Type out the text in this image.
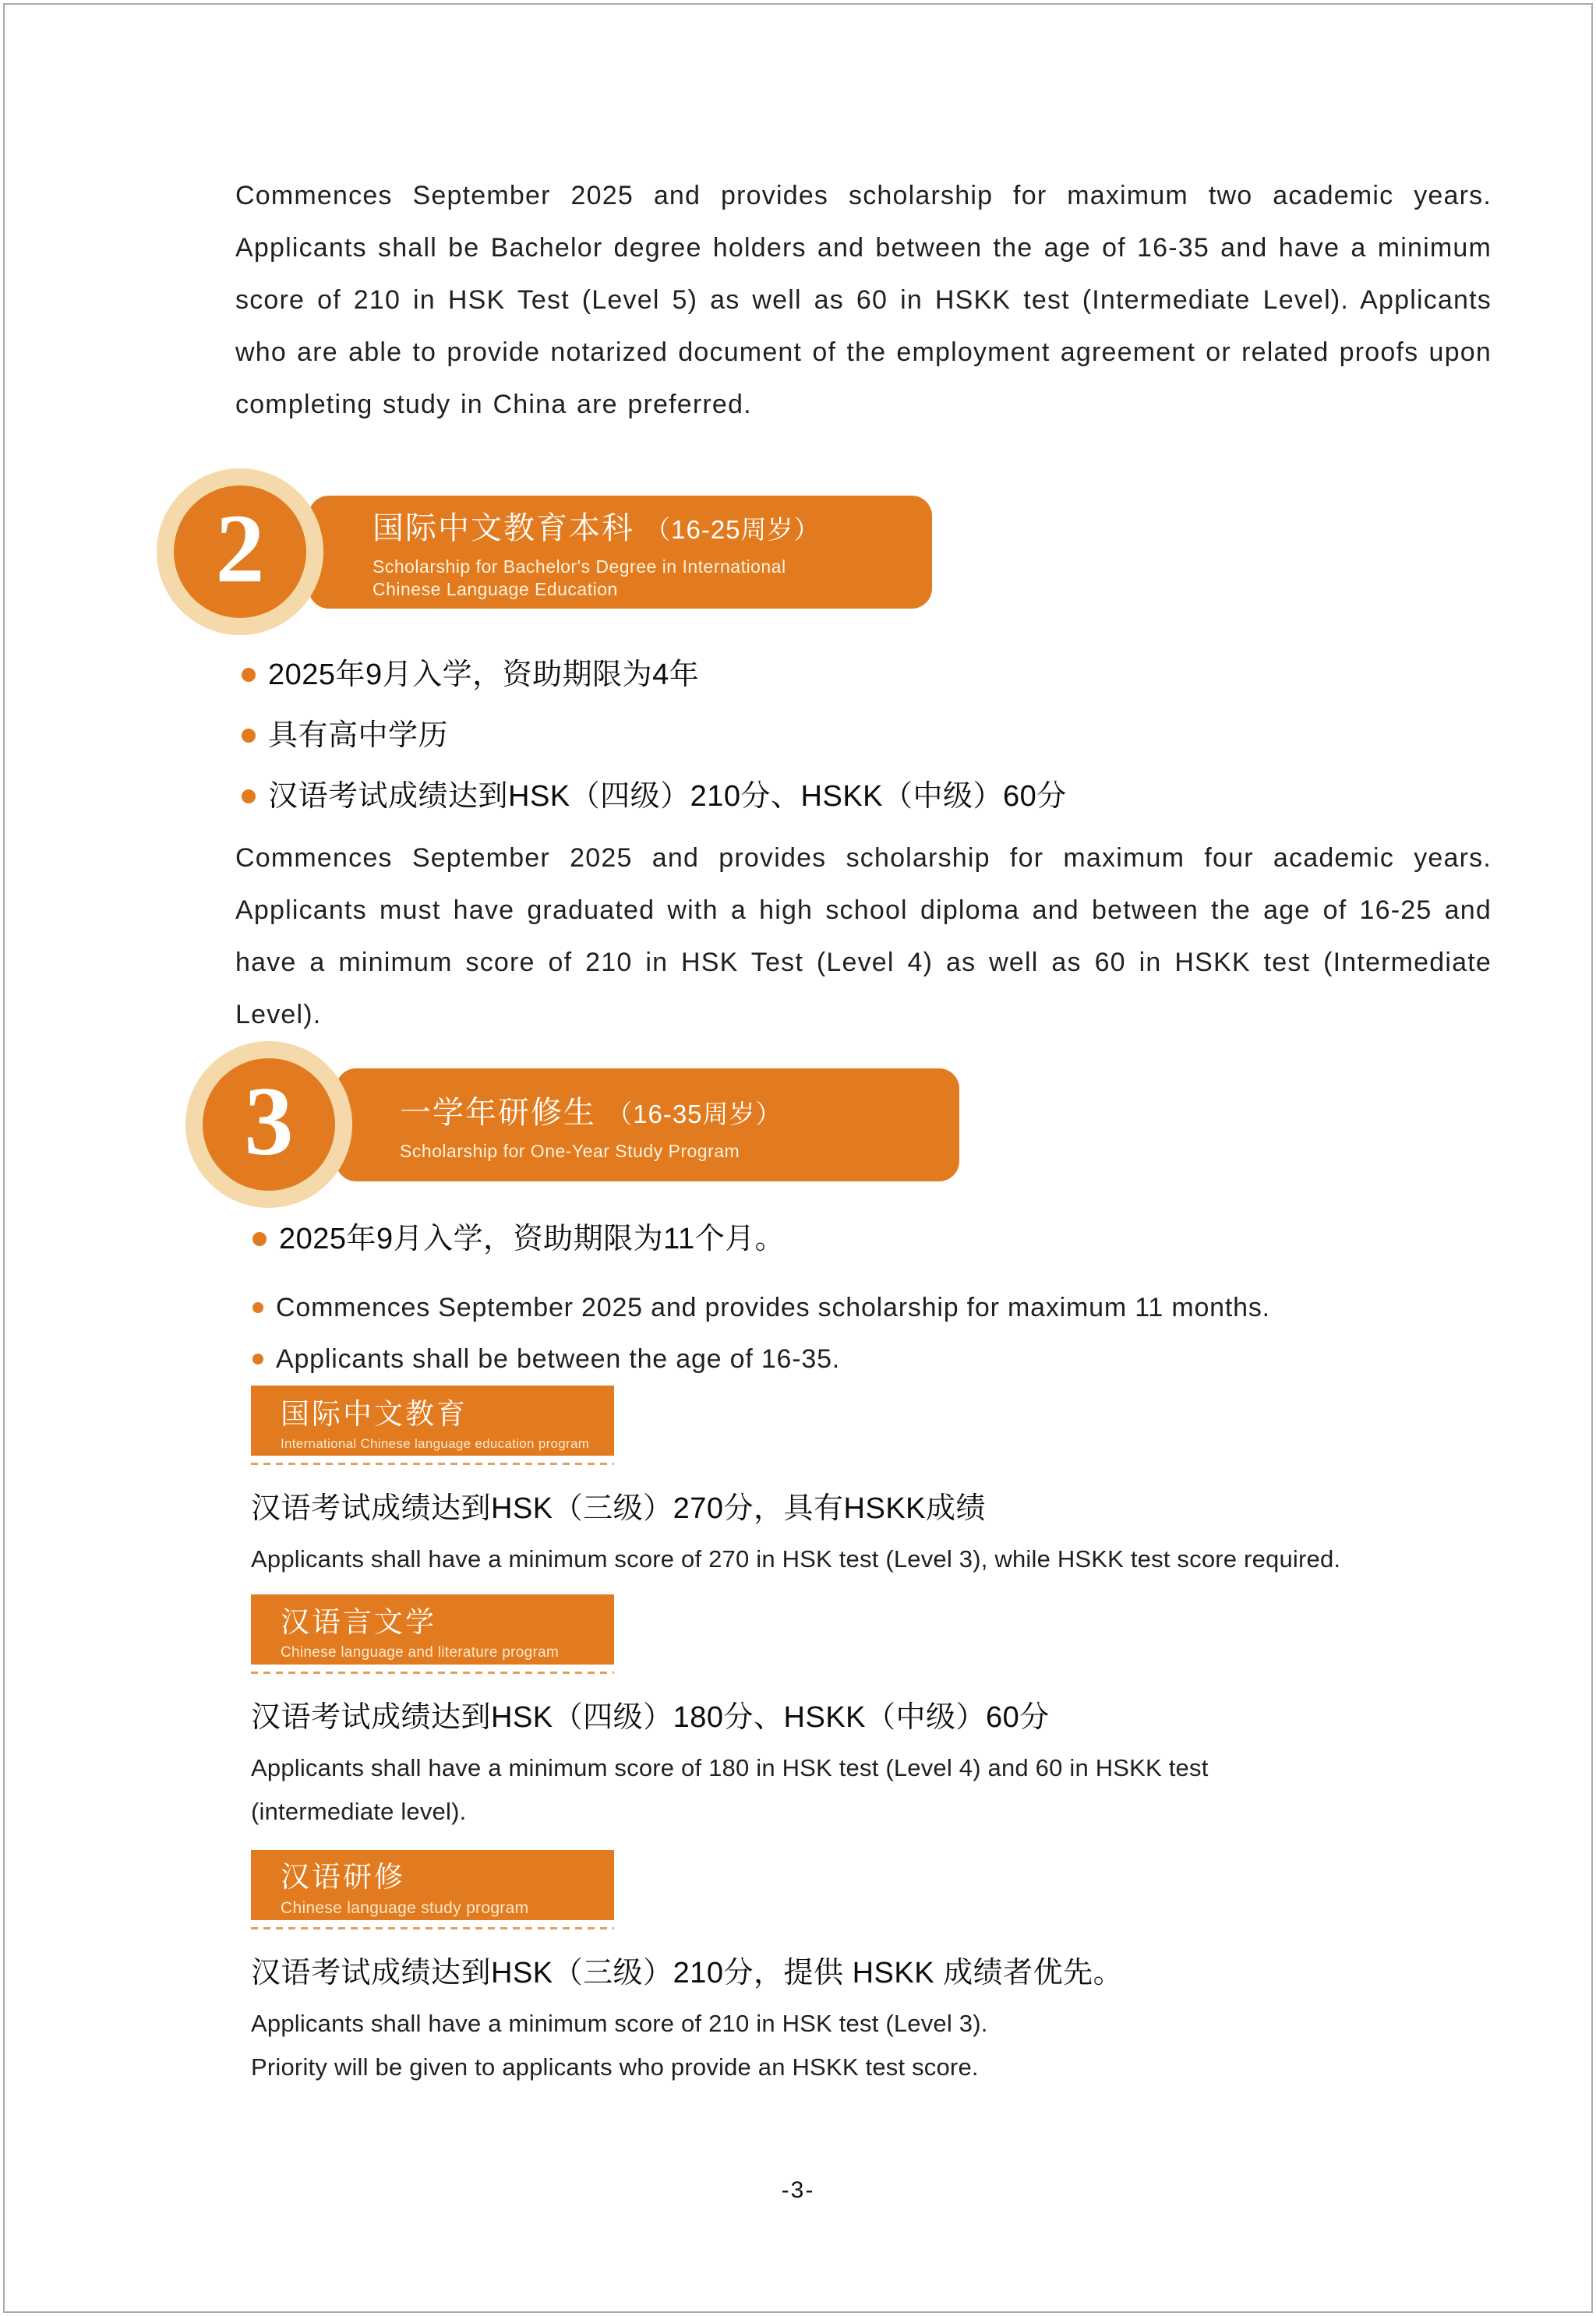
Commences September 2025 and provides scholarship for maximum two academic years. Applicants shall be Bachelor degree holders and between the age of 16-35 and have a minimum score of 210 in HSK Test (Level 5) as well as 60 in HSKK test (Intermediate Level). Applicants who are able to provide notarized document of the employment agreement or related proofs upon completing study in China are preferred.
国际中文教育本科 （16-25周岁）
Scholarship for Bachelor's Degree in International
Chinese Language Education
2
2025年9月入学，资助期限为4年
具有高中学历
汉语考试成绩达到HSK（四级）210分、HSKK（中级）60分
Commences September 2025 and provides scholarship for maximum four academic years. Applicants must have graduated with a high school diploma and between the age of 16-25 and have a minimum score of 210 in HSK Test (Level 4) as well as 60 in HSKK test (Intermediate Level).
一学年研修生 （16-35周岁）
Scholarship for One-Year Study Program
3
2025年9月入学，资助期限为11个月。
Commences September 2025 and provides scholarship for maximum 11 months.
Applicants shall be between the age of 16-35.
国际中文教育
International Chinese language education program
汉语考试成绩达到HSK（三级）270分，具有HSKK成绩
Applicants shall have a minimum score of 270 in HSK test (Level 3), while HSKK test score required.
汉语言文学
Chinese language and literature program
汉语考试成绩达到HSK（四级）180分、HSKK（中级）60分
Applicants shall have a minimum score of 180 in HSK test (Level 4) and 60 in HSKK test
(intermediate level).
汉语研修
Chinese language study program
汉语考试成绩达到HSK（三级）210分，提供 HSKK 成绩者优先。
Applicants shall have a minimum score of 210 in HSK test (Level 3).
Priority will be given to applicants who provide an HSKK test score.
-3-
